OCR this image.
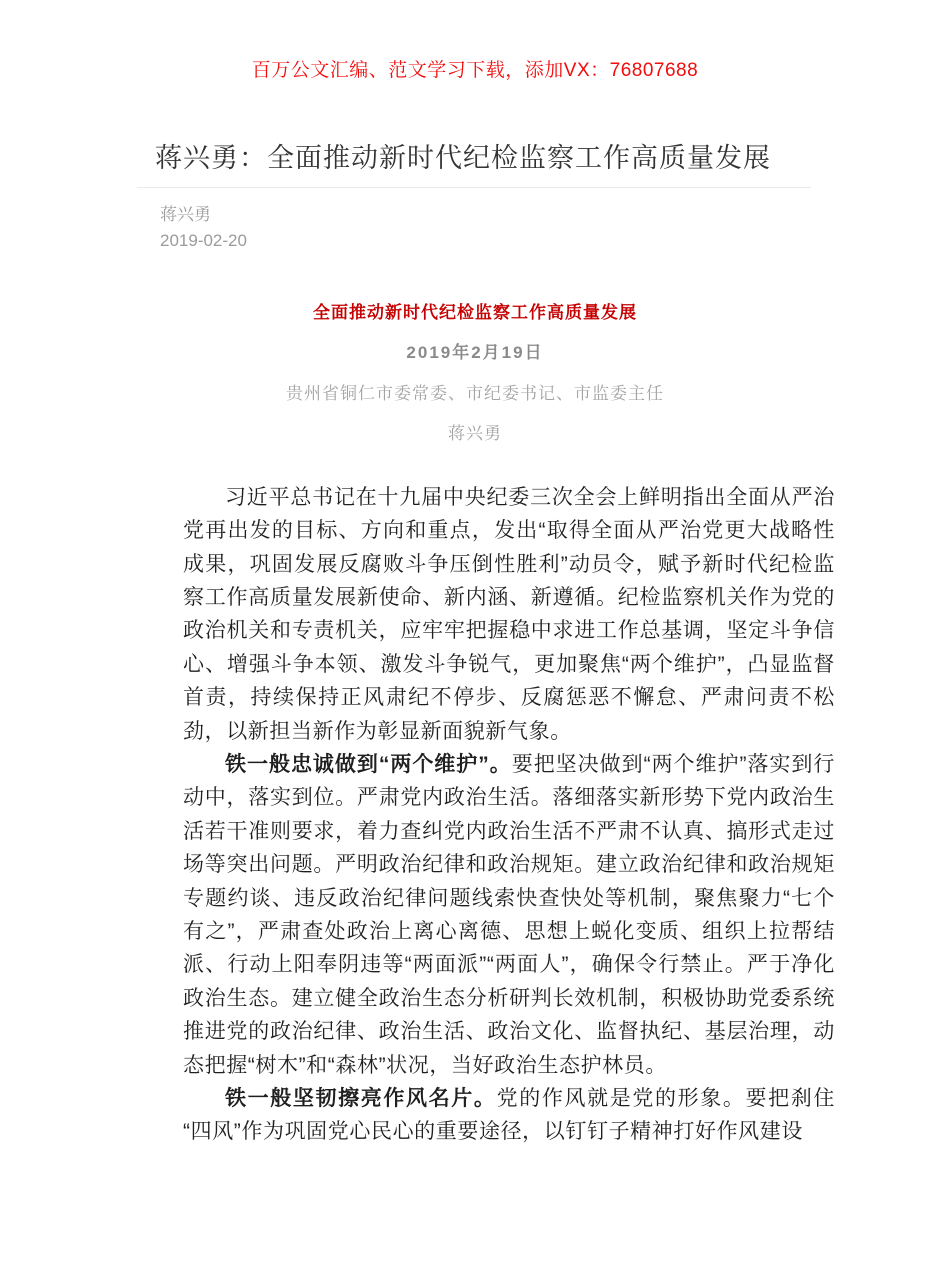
百万公文汇编、范文学习下载，添加VX：76807688
蒋兴勇：全面推动新时代纪检监察工作高质量发展
蒋兴勇
2019-02-20
全面推动新时代纪检监察工作高质量发展
2019年2月19日
贵州省铜仁市委常委、市纪委书记、市监委主任
蒋兴勇

习近平总书记在十九届中央纪委三次全会上鲜明指出全面从严治党再出发的目标、方向和重点，发出“取得全面从严治党更大战略性成果，巩固发展反腐败斗争压倒性胜利”动员令，赋予新时代纪检监察工作高质量发展新使命、新内涵、新遵循。纪检监察机关作为党的政治机关和专责机关，应牢牢把握稳中求进工作总基调，坚定斗争信心、增强斗争本领、激发斗争锐气，更加聚焦“两个维护”，凸显监督首责，持续保持正风肃纪不停步、反腐惩恶不懈怠、严肃问责不松劲，以新担当新作为彰显新面貌新气象。

铁一般忠诚做到“两个维护”。要把坚决做到“两个维护”落实到行动中，落实到位。严肃党内政治生活。落细落实新形势下党内政治生活若干准则要求，着力查纠党内政治生活不严肃不认真、搞形式走过场等突出问题。严明政治纪律和政治规矩。建立政治纪律和政治规矩专题约谈、违反政治纪律问题线索快查快处等机制，聚焦聚力“七个有之”，严肃查处政治上离心离德、思想上蜕化变质、组织上拉帮结派、行动上阳奉阴违等“两面派”“两面人”，确保令行禁止。严于净化政治生态。建立健全政治生态分析研判长效机制，积极协助党委系统推进党的政治纪律、政治生活、政治文化、监督执纪、基层治理，动态把握“树木”和“森林”状况，当好政治生态护林员。

铁一般坚韧擦亮作风名片。党的作风就是党的形象。要把刹住“四风”作为巩固党心民心的重要途径，以钉钉子精神打好作风建设
